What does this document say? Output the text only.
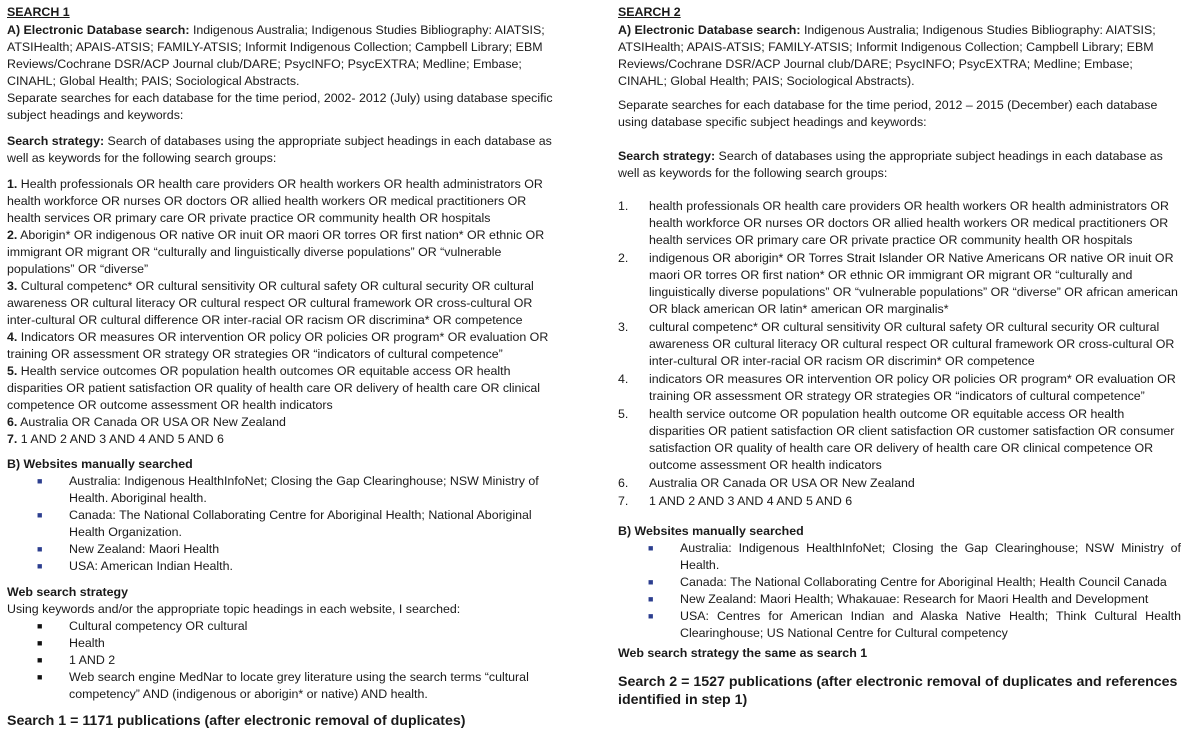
SEARCH 1

A) Electronic Database search: Indigenous Australia; Indigenous Studies Bibliography: AIATSIS; ATSIHealth; APAIS-ATSIS; FAMILY-ATSIS; Informit Indigenous Collection; Campbell Library; EBM Reviews/Cochrane DSR/ACP Journal club/DARE; PsycINFO; PsycEXTRA; Medline; Embase; CINAHL; Global Health; PAIS; Sociological Abstracts.

Separate searches for each database for the time period, 2002- 2012 (July) using database specific subject headings and keywords:

Search strategy: Search of databases using the appropriate subject headings in each database as well as keywords for the following search groups:

1. Health professionals OR health care providers OR health workers OR health administrators OR health workforce OR nurses OR doctors OR allied health workers OR medical practitioners OR health services OR primary care OR private practice OR community health OR hospitals

2. Aborigin* OR indigenous OR native OR inuit OR maori OR torres OR first nation* OR ethnic OR immigrant OR migrant OR “culturally and linguistically diverse populations” OR “vulnerable populations” OR “diverse”

3. Cultural competenc* OR cultural sensitivity OR cultural safety OR cultural security OR cultural awareness OR cultural literacy OR cultural respect OR cultural framework OR cross-cultural OR inter-cultural OR cultural difference OR inter-racial OR racism OR discrimina* OR competence

4. Indicators OR measures OR intervention OR policy OR policies OR program* OR evaluation OR training OR assessment OR strategy OR strategies OR “indicators of cultural competence”

5. Health service outcomes OR population health outcomes OR equitable access OR health disparities OR patient satisfaction OR quality of health care OR delivery of health care OR clinical competence OR outcome assessment OR health indicators

6. Australia OR Canada OR USA OR New Zealand

7. 1 AND 2 AND 3 AND 4 AND 5 AND 6

B) Websites manually searched

■	Australia: Indigenous HealthInfoNet; Closing the Gap Clearinghouse; NSW Ministry of Health. Aboriginal health.
■	Canada: The National Collaborating Centre for Aboriginal Health; National Aboriginal Health Organization.
■	New Zealand: Maori Health
■	USA: American Indian Health.

Web search strategy

Using keywords and/or the appropriate topic headings in each website, I searched:

■	Cultural competency OR cultural
■	Health
■	1 AND 2
■	Web search engine MedNar to locate grey literature using the search terms “cultural competency” AND (indigenous or aborigin* or native) AND health.

Search 1 = 1171 publications (after electronic removal of duplicates)

SEARCH 2

A) Electronic Database search: Indigenous Australia; Indigenous Studies Bibliography: AIATSIS; ATSIHealth; APAIS-ATSIS; FAMILY-ATSIS; Informit Indigenous Collection; Campbell Library; EBM Reviews/Cochrane DSR/ACP Journal club/DARE; PsycINFO; PsycEXTRA; Medline; Embase; CINAHL; Global Health; PAIS; Sociological Abstracts).

Separate searches for each database for the time period, 2012 – 2015 (December) each database using database specific subject headings and keywords:

Search strategy: Search of databases using the appropriate subject headings in each database as well as keywords for the following search groups:

1.	health professionals OR health care providers OR health workers OR health administrators OR health workforce OR nurses OR doctors OR allied health workers OR medical practitioners OR health services OR primary care OR private practice OR community health OR hospitals
2.	indigenous OR aborigin* OR Torres Strait Islander OR Native Americans OR native OR inuit OR maori OR torres OR first nation* OR ethnic OR immigrant OR migrant OR “culturally and linguistically diverse populations” OR “vulnerable populations” OR “diverse” OR african american OR black american OR latin* american OR marginalis*
3.	cultural competenc* OR cultural sensitivity OR cultural safety OR cultural security OR cultural awareness OR cultural literacy OR cultural respect OR cultural framework OR cross-cultural OR inter-cultural OR inter-racial OR racism OR discrimin* OR competence
4.	indicators OR measures OR intervention OR policy OR policies OR program* OR evaluation OR training OR assessment OR strategy OR strategies OR “indicators of cultural competence”
5.	health service outcome OR population health outcome OR equitable access OR health disparities OR patient satisfaction OR client satisfaction OR customer satisfaction OR consumer satisfaction OR quality of health care OR delivery of health care OR clinical competence OR outcome assessment OR health indicators
6.	Australia OR Canada OR USA OR New Zealand
7.	1 AND 2 AND 3 AND 4 AND 5 AND 6

B) Websites manually searched

■	Australia: Indigenous HealthInfoNet; Closing the Gap Clearinghouse; NSW Ministry of Health.
■	Canada: The National Collaborating Centre for Aboriginal Health; Health Council Canada
■	New Zealand: Maori Health; Whakauae: Research for Maori Health and Development
■	USA: Centres for American Indian and Alaska Native Health; Think Cultural Health Clearinghouse; US National Centre for Cultural competency

Web search strategy the same as search 1

Search 2 = 1527 publications (after electronic removal of duplicates and references identified in step 1)
